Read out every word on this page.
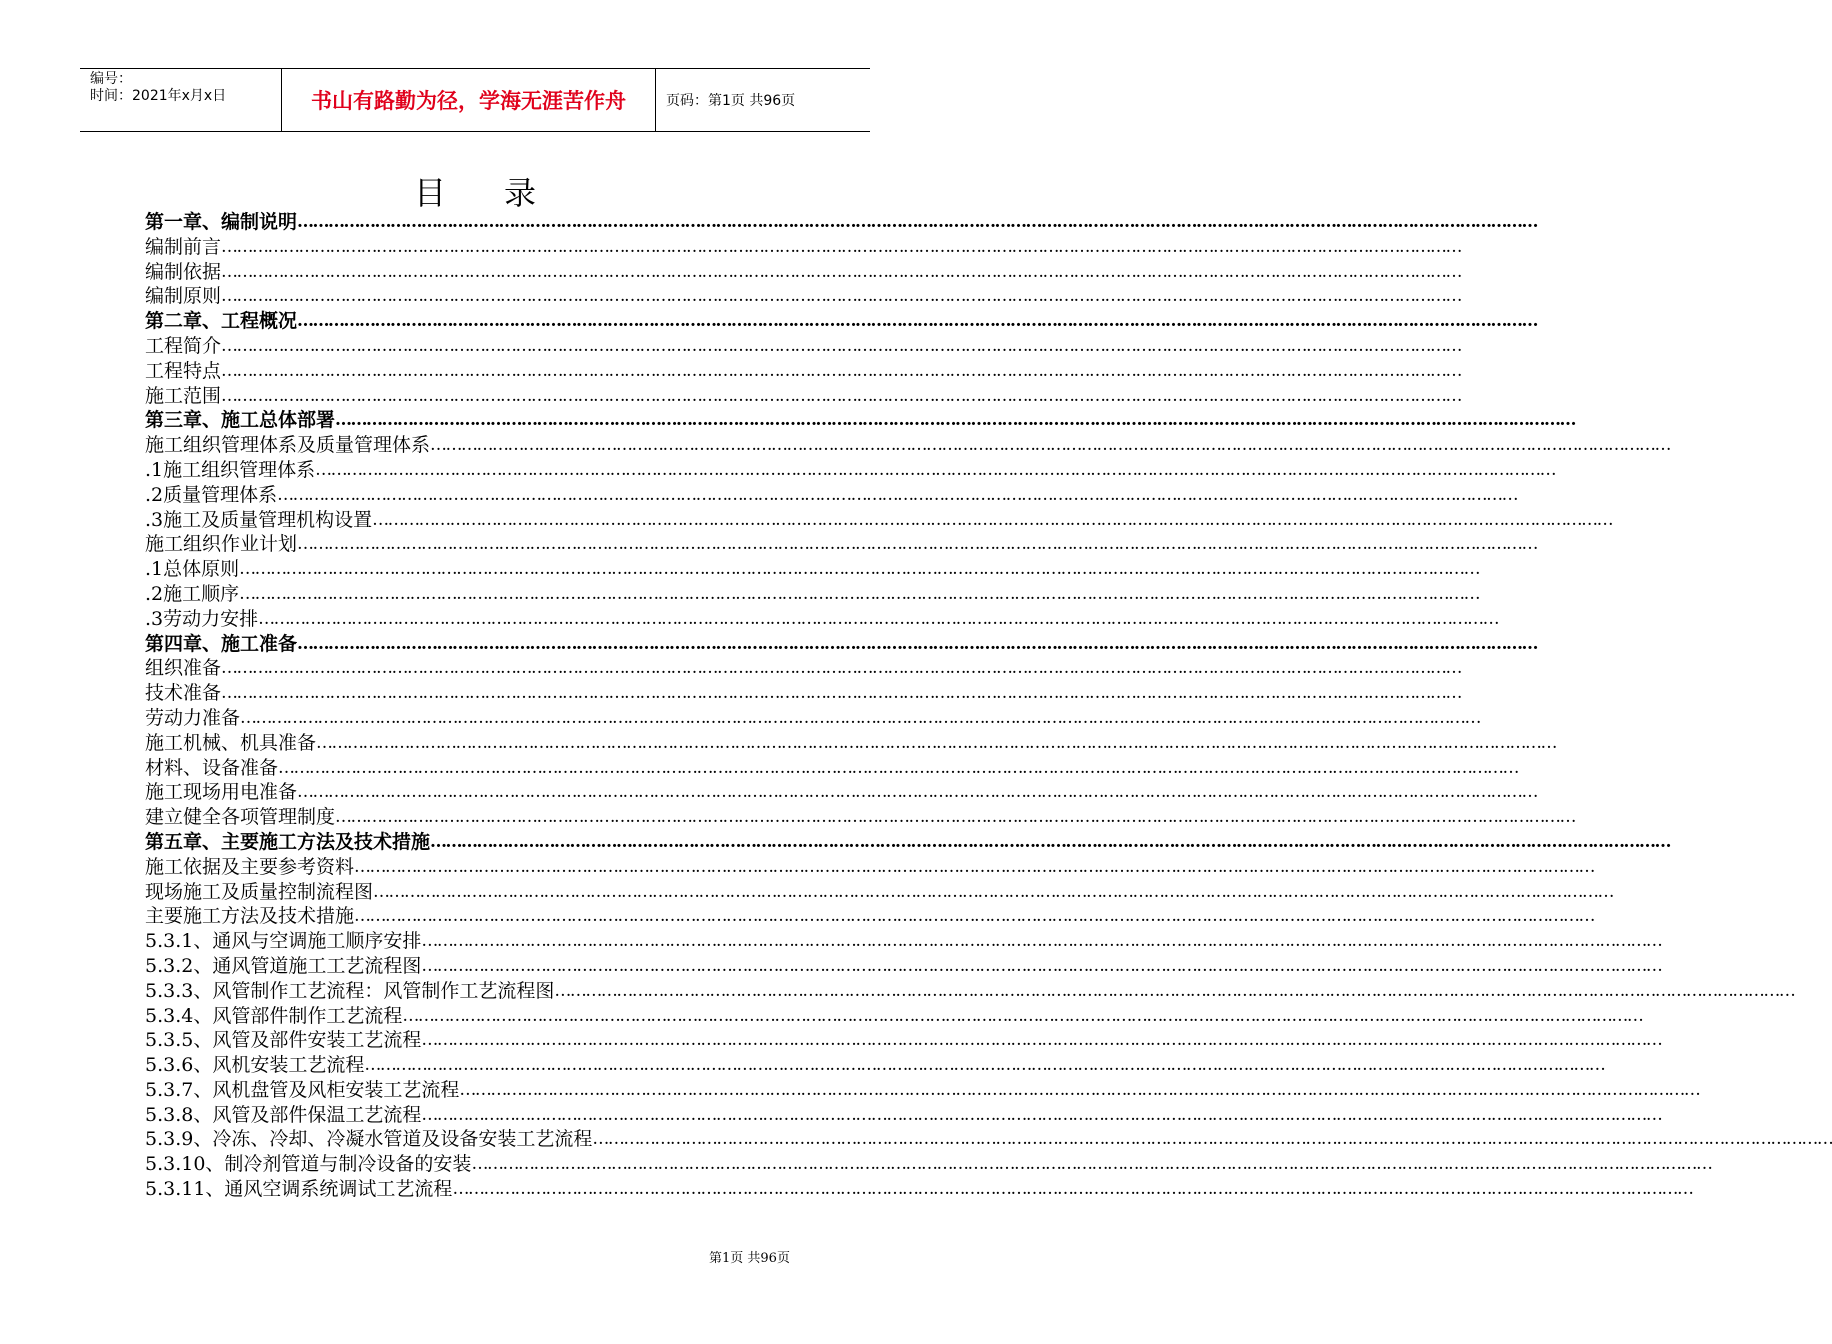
编号：
时间：2021年x月x日	书山有路勤为径，学海无涯苦作舟	页码：第1页 共96页
目录
第一章、编制说明 ……………………………………………………………………………………………………………………………………………………………………………………………………………………
编制前言 ……………………………………………………………………………………………………………………………………………………………………………………………………………………
编制依据 ……………………………………………………………………………………………………………………………………………………………………………………………………………………
编制原则 ……………………………………………………………………………………………………………………………………………………………………………………………………………………
第二章、工程概况 ……………………………………………………………………………………………………………………………………………………………………………………………………………………
工程简介 ……………………………………………………………………………………………………………………………………………………………………………………………………………………
工程特点 ……………………………………………………………………………………………………………………………………………………………………………………………………………………
施工范围 ……………………………………………………………………………………………………………………………………………………………………………………………………………………
第三章、施工总体部署 ……………………………………………………………………………………………………………………………………………………………………………………………………………………
施工组织管理体系及质量管理体系 ……………………………………………………………………………………………………………………………………………………………………………………………………………………
.1施工组织管理体系 ……………………………………………………………………………………………………………………………………………………………………………………………………………………
.2质量管理体系 ……………………………………………………………………………………………………………………………………………………………………………………………………………………
.3施工及质量管理机构设置 ……………………………………………………………………………………………………………………………………………………………………………………………………………………
施工组织作业计划 ……………………………………………………………………………………………………………………………………………………………………………………………………………………
.1总体原则 ……………………………………………………………………………………………………………………………………………………………………………………………………………………
.2施工顺序 ……………………………………………………………………………………………………………………………………………………………………………………………………………………
.3劳动力安排 ……………………………………………………………………………………………………………………………………………………………………………………………………………………
第四章、施工准备 ……………………………………………………………………………………………………………………………………………………………………………………………………………………
组织准备 ……………………………………………………………………………………………………………………………………………………………………………………………………………………
技术准备 ……………………………………………………………………………………………………………………………………………………………………………………………………………………
劳动力准备 ……………………………………………………………………………………………………………………………………………………………………………………………………………………
施工机械、机具准备 ……………………………………………………………………………………………………………………………………………………………………………………………………………………
材料、设备准备 ……………………………………………………………………………………………………………………………………………………………………………………………………………………
施工现场用电准备 ……………………………………………………………………………………………………………………………………………………………………………………………………………………
建立健全各项管理制度 ……………………………………………………………………………………………………………………………………………………………………………………………………………………
第五章、主要施工方法及技术措施 ……………………………………………………………………………………………………………………………………………………………………………………………………………………
施工依据及主要参考资料 ……………………………………………………………………………………………………………………………………………………………………………………………………………………
现场施工及质量控制流程图 ……………………………………………………………………………………………………………………………………………………………………………………………………………………
主要施工方法及技术措施 ……………………………………………………………………………………………………………………………………………………………………………………………………………………
5.3.1、通风与空调施工顺序安排 ……………………………………………………………………………………………………………………………………………………………………………………………………………………
5.3.2、通风管道施工工艺流程图 ……………………………………………………………………………………………………………………………………………………………………………………………………………………
5.3.3、风管制作工艺流程：风管制作工艺流程图 ……………………………………………………………………………………………………………………………………………………………………………………………………………………
5.3.4、风管部件制作工艺流程 ……………………………………………………………………………………………………………………………………………………………………………………………………………………
5.3.5、风管及部件安装工艺流程 ……………………………………………………………………………………………………………………………………………………………………………………………………………………
5.3.6、风机安装工艺流程 ……………………………………………………………………………………………………………………………………………………………………………………………………………………
5.3.7、风机盘管及风柜安装工艺流程 ……………………………………………………………………………………………………………………………………………………………………………………………………………………
5.3.8、风管及部件保温工艺流程 ……………………………………………………………………………………………………………………………………………………………………………………………………………………
5.3.9、冷冻、冷却、冷凝水管道及设备安装工艺流程 ……………………………………………………………………………………………………………………………………………………………………………………………………………………
5.3.10、制冷剂管道与制冷设备的安装 ……………………………………………………………………………………………………………………………………………………………………………………………………………………
5.3.11、通风空调系统调试工艺流程 ……………………………………………………………………………………………………………………………………………………………………………………………………………………
第1页 共96页
